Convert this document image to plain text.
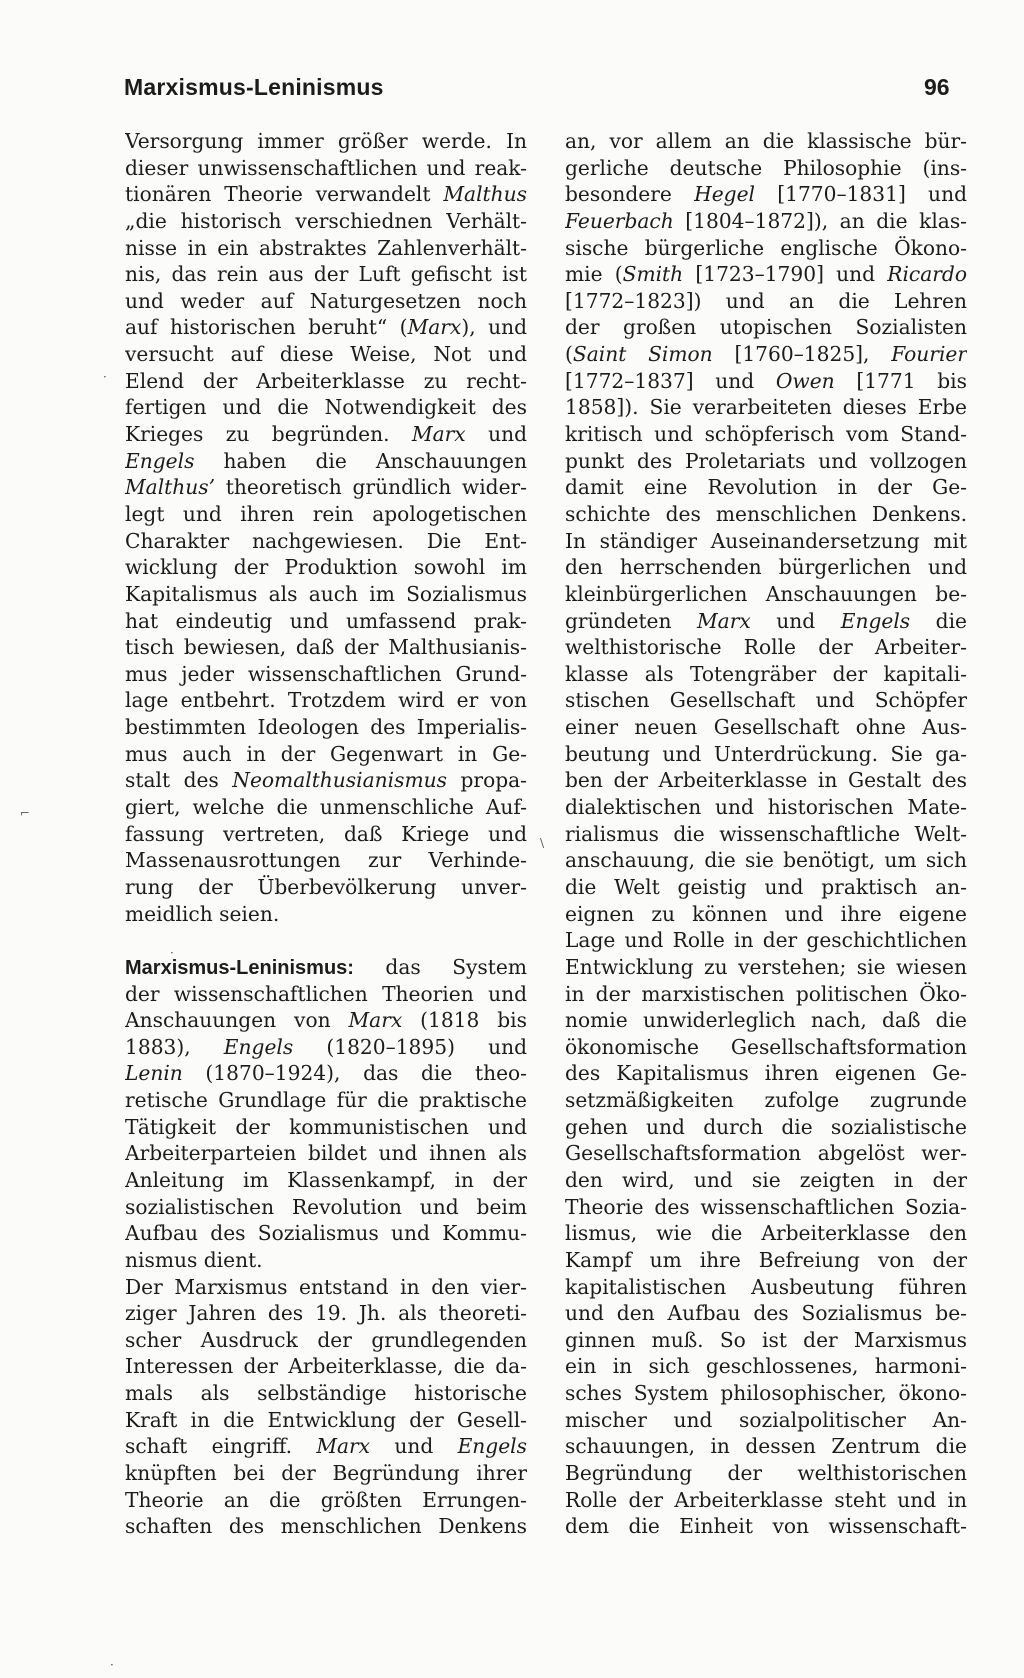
Marxismus-Leninismus	96
Versorgung immer größer werde. In
dieser unwissenschaftlichen und reak-
tionären Theorie verwandelt Malthus
„die historisch verschiednen Verhält-
nisse in ein abstraktes Zahlenverhält-
nis, das rein aus der Luft gefischt ist
und weder auf Naturgesetzen noch
auf historischen beruht“ (Marx), und
versucht auf diese Weise, Not und
Elend der Arbeiterklasse zu recht-
fertigen und die Notwendigkeit des
Krieges zu begründen. Marx und
Engels haben die Anschauungen
Malthus’ theoretisch gründlich wider-
legt und ihren rein apologetischen
Charakter nachgewiesen. Die Ent-
wicklung der Produktion sowohl im
Kapitalismus als auch im Sozialismus
hat eindeutig und umfassend prak-
tisch bewiesen, daß der Malthusianis-
mus jeder wissenschaftlichen Grund-
lage entbehrt. Trotzdem wird er von
bestimmten Ideologen des Imperialis-
mus auch in der Gegenwart in Ge-
stalt des Neomalthusianismus propa-
giert, welche die unmenschliche Auf-
fassung vertreten, daß Kriege und
Massenausrottungen zur Verhinde-
rung der Überbevölkerung unver-
meidlich seien.
Marxismus-Leninismus: das System
der wissenschaftlichen Theorien und
Anschauungen von Marx (1818 bis
1883), Engels (1820–1895) und
Lenin (1870–1924), das die theo-
retische Grundlage für die praktische
Tätigkeit der kommunistischen und
Arbeiterparteien bildet und ihnen als
Anleitung im Klassenkampf, in der
sozialistischen Revolution und beim
Aufbau des Sozialismus und Kommu-
nismus dient.
Der Marxismus entstand in den vier-
ziger Jahren des 19. Jh. als theoreti-
scher Ausdruck der grundlegenden
Interessen der Arbeiterklasse, die da-
mals als selbständige historische
Kraft in die Entwicklung der Gesell-
schaft eingriff. Marx und Engels
knüpften bei der Begründung ihrer
Theorie an die größten Errungen-
schaften des menschlichen Denkens
an, vor allem an die klassische bür-
gerliche deutsche Philosophie (ins-
besondere Hegel [1770–1831] und
Feuerbach [1804–1872]), an die klas-
sische bürgerliche englische Ökono-
mie (Smith [1723–1790] und Ricardo
[1772–1823]) und an die Lehren
der großen utopischen Sozialisten
(Saint Simon [1760–1825], Fourier
[1772–1837] und Owen [1771 bis
1858]). Sie verarbeiteten dieses Erbe
kritisch und schöpferisch vom Stand-
punkt des Proletariats und vollzogen
damit eine Revolution in der Ge-
schichte des menschlichen Denkens.
In ständiger Auseinandersetzung mit
den herrschenden bürgerlichen und
kleinbürgerlichen Anschauungen be-
gründeten Marx und Engels die
welthistorische Rolle der Arbeiter-
klasse als Totengräber der kapitali-
stischen Gesellschaft und Schöpfer
einer neuen Gesellschaft ohne Aus-
beutung und Unterdrückung. Sie ga-
ben der Arbeiterklasse in Gestalt des
dialektischen und historischen Mate-
rialismus die wissenschaftliche Welt-
anschauung, die sie benötigt, um sich
die Welt geistig und praktisch an-
eignen zu können und ihre eigene
Lage und Rolle in der geschichtlichen
Entwicklung zu verstehen; sie wiesen
in der marxistischen politischen Öko-
nomie unwiderleglich nach, daß die
ökonomische Gesellschaftsformation
des Kapitalismus ihren eigenen Ge-
setzmäßigkeiten zufolge zugrunde
gehen und durch die sozialistische
Gesellschaftsformation abgelöst wer-
den wird, und sie zeigten in der
Theorie des wissenschaftlichen Sozia-
lismus, wie die Arbeiterklasse den
Kampf um ihre Befreiung von der
kapitalistischen Ausbeutung führen
und den Aufbau des Sozialismus be-
ginnen muß. So ist der Marxismus
ein in sich geschlossenes, harmoni-
sches System philosophischer, ökono-
mischer und sozialpolitischer An-
schauungen, in dessen Zentrum die
Begründung der welthistorischen
Rolle der Arbeiterklasse steht und in
dem die Einheit von wissenschaft-
·
⌐
\
·
·
